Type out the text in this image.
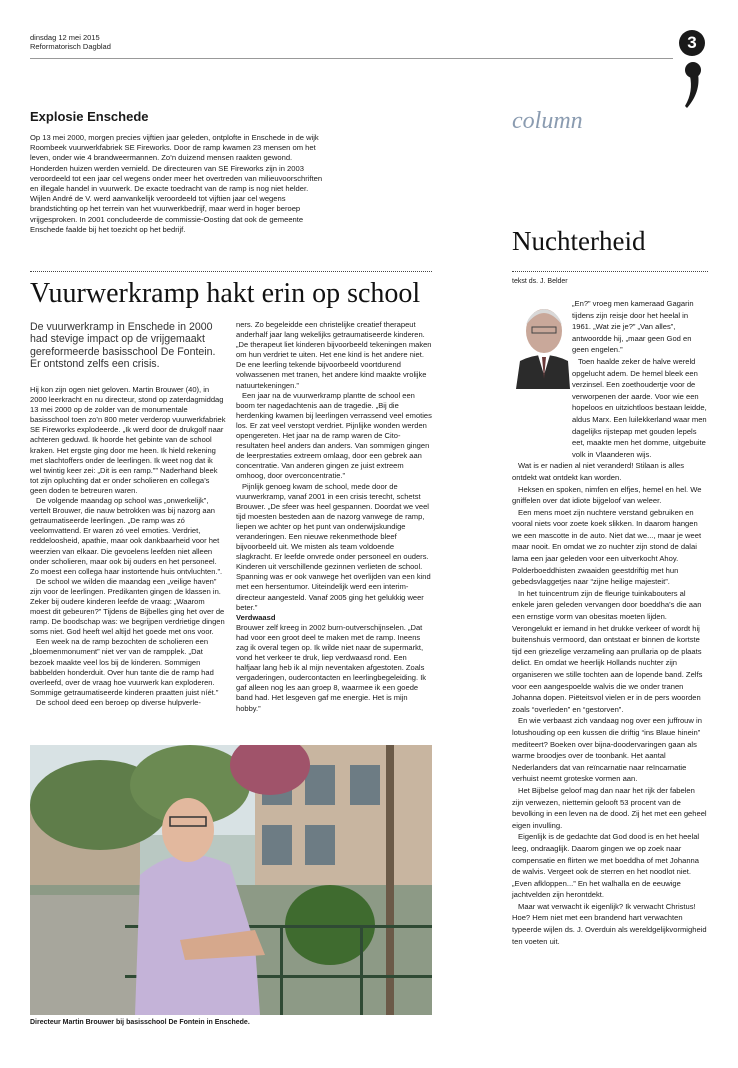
dinsdag 12 mei 2015
Reformatorisch Dagblad	3
Explosie Enschede

Op 13 mei 2000, morgen precies vijftien jaar geleden, ontplofte in Enschede in de wijk Roombeek vuurwerkfabriek SE Fireworks. Door de ramp kwamen 23 mensen om het leven, onder wie 4 brandweermannen. Zo’n duizend mensen raakten gewond. Honderden huizen werden vernield. De directeuren van SE Fireworks zijn in 2003 veroordeeld tot een jaar cel wegens onder meer het overtreden van milieuvoorschriften en illegale handel in vuurwerk. De exacte toedracht van de ramp is nog niet helder. Wijlen André de V. werd aanvankelijk veroordeeld tot vijftien jaar cel wegens brandstichting op het terrein van het vuurwerkbedrijf, maar werd in hoger beroep vrijgesproken. In 2001 concludeerde de commissie-Oosting dat ook de gemeente Enschede faalde bij het toezicht op het bedrijf.

column
Nuchterheid
tekst ds. J. Belder
Vuurwerkramp hakt erin op school

De vuurwerkramp in Enschede in 2000 had stevige impact op de vrijgemaakt gereformeerde basisschool De Fontein. Er ontstond zelfs een crisis.

Hij kon zijn ogen niet geloven. Martin Brouwer (40), in 2000 leerkracht en nu directeur, stond op zaterdagmiddag 13 mei 2000 op de zolder van de monumentale basisschool toen zo’n 800 meter verderop vuurwerkfabriek SE Fireworks explodeerde. „Ik werd door de drukgolf naar achteren geduwd. Ik hoorde het gebinte van de school kraken. Het ergste ging door me heen. Ik hield rekening met slachtoffers onder de leerlingen. Ik weet nog dat ik wel twintig keer zei: „Dit is een ramp.”” Naderhand bleek tot zijn opluchting dat er onder scholieren en collega’s geen doden te betreuren waren.

De volgende maandag op school was „onwerkelijk”, vertelt Brouwer, die nauw betrokken was bij nazorg aan getraumatiseerde leerlingen. „De ramp was zó veelomvattend. Er waren zó veel emoties. Verdriet, reddeloosheid, apathie, maar ook dankbaarheid voor het weerzien van elkaar. Die gevoelens leefden niet alleen onder scholieren, maar ook bij ouders en het personeel. Zo moest een collega haar instortende huis ontvluchten.”.

De school we wilden die maandag een „veilige haven” zijn voor de leerlingen. Predikanten gingen de klassen in. Zeker bij oudere kinderen leefde de vraag: „Waarom moest dit gebeuren?” Tijdens de Bijbelles ging het over de ramp. De boodschap was: we begrijpen verdrietige dingen soms niet. God heeft wel altijd het goede met ons voor.

Een week na de ramp bezochten de scholieren een „bloemenmonument” niet ver van de rampplek. „Dat bezoek maakte veel los bij de kinderen. Sommigen babbelden honderduit. Over hun tante die de ramp had overleefd, over de vraag hoe vuurwerk kan exploderen. Sommige getraumatiseerde kinderen praatten juist níét.”

De school deed een beroep op diverse hulpverle-

ners. Zo begeleidde een christelijke creatief therapeut anderhalf jaar lang wekelijks getraumatiseerde kinderen. „De therapeut liet kinderen bijvoorbeeld tekeningen maken om hun verdriet te uiten. Het ene kind is het andere niet. De ene leerling tekende bijvoorbeeld voortdurend volwassenen met tranen, het andere kind maakte vrolijke natuurtekeningen.”

Een jaar na de vuurwerkramp plantte de school een boom ter nagedachtenis aan de tragedie. „Bij die herdenking kwamen bij leerlingen verrassend veel emoties los. Er zat veel verstopt verdriet. Pijnlijke wonden werden opengereten. Het jaar na de ramp waren de Cito-resultaten heel anders dan anders. Van sommigen gingen de leerprestaties extreem omlaag, door een gebrek aan concentratie. Van anderen gingen ze juist extreem omhoog, door overconcentratie.”

Pijnlijk genoeg kwam de school, mede door de vuurwerkramp, vanaf 2001 in een crisis terecht, schetst Brouwer. „De sfeer was heel gespannen. Doordat we veel tijd moesten besteden aan de nazorg vanwege de ramp, liepen we achter op het punt van onderwijskundige veranderingen. Een nieuwe rekenmethode bleef bijvoorbeeld uit. We misten als team voldoende slagkracht. Er leefde onvrede onder personeel en ouders. Kinderen uit verschillende gezinnen verlieten de school. Spanning was er ook vanwege het overlijden van een kind met een hersentumor. Uiteindelijk werd een interim-directeur aangesteld. Vanaf 2005 ging het gelukkig weer beter.”

Verdwaasd

Brouwer zelf kreeg in 2002 burn-outverschijnselen. „Dat had voor een groot deel te maken met de ramp. Ineens zag ik overal tegen op. Ik wilde niet naar de supermarkt, vond het verkeer te druk, liep verdwaasd rond. Een halfjaar lang heb ik al mijn neventaken afgestoten. Zoals vergaderingen, oudercontacten en leerlingbegeleiding. Ik gaf alleen nog les aan groep 8, waarmee ik een goede band had. Het lesgeven gaf me energie. Het is mijn hobby.”

Directeur Martin Brouwer bij basisschool De Fontein in Enschede.

„En?” vroeg men kameraad Gagarin tijdens zijn reisje door het heelal in 1961. „Wat zie je?” „Van alles”, antwoordde hij, „maar geen God en geen engelen.”

Toen haalde zeker de halve wereld opgelucht adem. De hemel bleek een verzinsel. Een zoethoudertje voor de verworpenen der aarde. Voor wie een hopeloos en uitzichtloos bestaan leidde, aldus Marx. Een luilekkerland waar men dagelijks rijstepap met gouden lepels eet, maakte men het domme, uitgebuite volk in Vlaanderen wijs.

Wat is er nadien al niet veranderd! Stilaan is alles ontdekt wat ontdekt kan worden.

Heksen en spoken, nimfen en elfjes, hemel en hel. We gniffelen over dat idiote bijgeloof van weleer.

Een mens moet zijn nuchtere verstand gebruiken en vooral niets voor zoete koek slikken. In daarom hangen we een mascotte in de auto. Niet dat we..., maar je weet maar nooit. En omdat we zo nuchter zijn stond de dalai lama een jaar geleden voor een uitverkocht Ahoy. Polderboeddhisten zwaaiden geestdriftig met hun gebedsvlaggetjes naar “zijne heilige majesteit”.

In het tuincentrum zijn de fleurige tuinkabouters al enkele jaren geleden vervangen door boeddha’s die aan een ernstige vorm van obesitas moeten lijden. Verongelukt er iemand in het drukke verkeer of wordt hij buitenshuis vermoord, dan ontstaat er binnen de kortste tijd een griezelige verzameling aan prullaria op de plaats delict. En omdat we heerlijk Hollands nuchter zijn organiseren we stille tochten aan de lopende band. Zelfs voor een aangespoelde walvis die we onder tranen Johanna dopen. Piëteitsvol vielen er in de pers woorden zoals “overleden” en “gestorven”.

En wie verbaast zich vandaag nog over een juffrouw in lotushouding op een kussen die driftig “ins Blaue hinein” mediteert? Boeken over bijna-doodervaringen gaan als warme broodjes over de toonbank. Het aantal Nederlanders dat van reïncarnatie naar reïncarnatie verhuist neemt groteske vormen aan.

Het Bijbelse geloof mag dan naar het rijk der fabelen zijn verwezen, niettemin gelooft 53 procent van de bevolking in een leven na de dood. Zij het met een geheel eigen invulling.

Eigenlijk is de gedachte dat God dood is en het heelal leeg, ondraaglijk. Daarom gingen we op zoek naar compensatie en flirten we met boeddha of met Johanna de walvis. Vergeet ook de sterren en het noodlot niet. „Even afkloppen...” En het walhalla en de eeuwige jachtvelden zijn herontdekt.

Maar wat verwacht ik eigenlijk? Ik verwacht Christus! Hoe? Hem niet met een brandend hart verwachten typeerde wijlen ds. J. Overduin als wereldgelijkvormigheid ten voeten uit.
